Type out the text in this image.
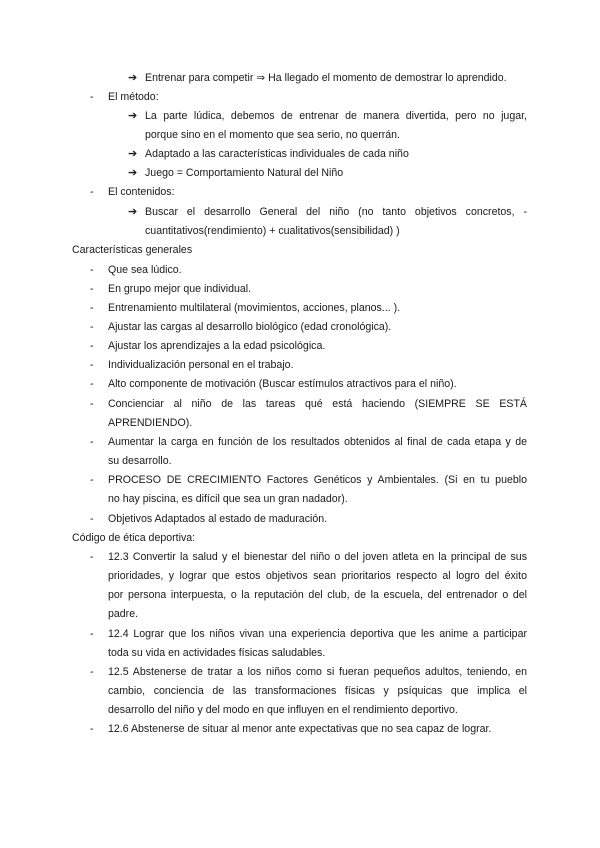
➔ Entrenar para competir ⇒ Ha llegado el momento de demostrar lo aprendido.
- El método:
➔ La parte lúdica, debemos de entrenar de manera divertida, pero no jugar,
porque sino en el momento que sea serio, no querrán.
➔ Adaptado a las características individuales de cada niño
➔ Juego = Comportamiento Natural del Niño
- El contenidos:
➔ Buscar el desarrollo General del niño (no tanto objetivos concretos, -
cuantitativos(rendimiento) + cualitativos(sensibilidad) )
Características generales
- Que sea lúdico.
- En grupo mejor que individual.
- Entrenamiento multilateral (movimientos, acciones, planos... ).
- Ajustar las cargas al desarrollo biológico (edad cronológica).
- Ajustar los aprendizajes a la edad psicológica.
- Individualización personal en el trabajo.
- Alto componente de motivación (Buscar estímulos atractivos para el niño).
- Concienciar al niño de las tareas qué está haciendo (SIEMPRE SE ESTÁ
APRENDIENDO).
- Aumentar la carga en función de los resultados obtenidos al final de cada etapa y de
su desarrollo.
- PROCESO DE CRECIMIENTO Factores Genéticos y Ambientales. (Si en tu pueblo
no hay piscina, es difícil que sea un gran nadador).
- Objetivos Adaptados al estado de maduración.
Código de ética deportiva:
- 12.3 Convertir la salud y el bienestar del niño o del joven atleta en la principal de sus
prioridades, y lograr que estos objetivos sean prioritarios respecto al logro del éxito
por persona interpuesta, o la reputación del club, de la escuela, del entrenador o del
padre.
- 12.4 Lograr que los niños vivan una experiencia deportiva que les anime a participar
toda su vida en actividades físicas saludables.
- 12.5 Abstenerse de tratar a los niños como si fueran pequeños adultos, teniendo, en
cambio, conciencia de las transformaciones físicas y psíquicas que implica el
desarrollo del niño y del modo en que influyen en el rendimiento deportivo.
- 12.6 Abstenerse de situar al menor ante expectativas que no sea capaz de lograr.
